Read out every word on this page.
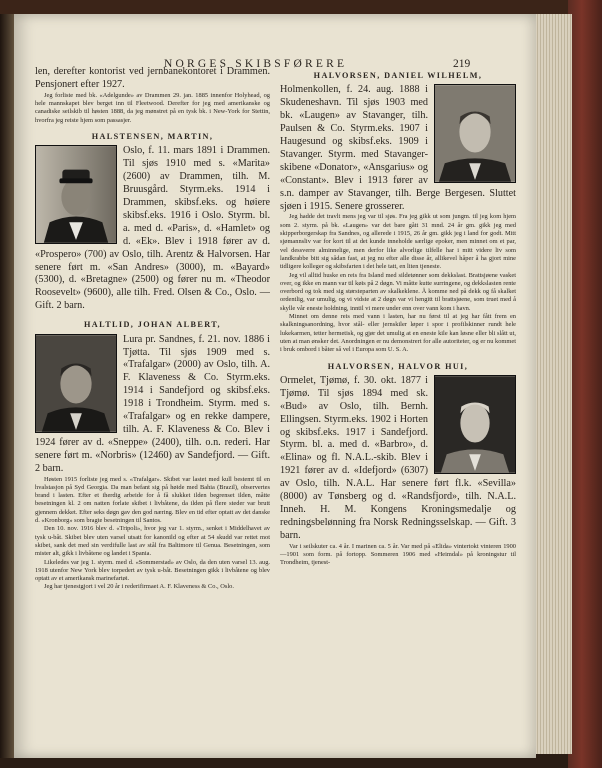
NORGES SKIBSFØRERE	219

len, derefter kontorist ved jernbanekontoret i Drammen. Pensjonert efter 1927.

Jeg forliste med bk. «Adelgunde» av Drammen 29. jan. 1885 innenfor Holyhead, og hele mannskapet blev berget inn til Fleetwood. Derefter for jeg med amerikanske og canadiske seilskib til høsten 1888, da jeg mønstret på en tysk bk. i New-York for Stettin, hvorfra jeg reiste hjem som passasjer.

HALSTENSEN, MARTIN,

Oslo, f. 11. mars 1891 i Drammen. Til sjøs 1910 med s. «Marita» (2600) av Drammen, tilh. M. Bruusgård. Styrm.eks. 1914 i Drammen, skibsf.eks. og høiere skibsf.eks. 1916 i Oslo. Styrm. bl. a. med d. «Paris», d. «Hamlet» og d. «Ek». Blev i 1918 fører av d. «Prospero» (700) av Oslo, tilh. Arentz & Halvorsen. Har senere ført m. «San Andres» (3000), m. «Bayard» (5300), d. «Bretagne» (2500) og fører nu m. «Theodor Roosevelt» (9600), alle tilh. Fred. Olsen & Co., Oslo. — Gift. 2 barn.

HALTLID, JOHAN ALBERT,

Lura pr. Sandnes, f. 21. nov. 1886 i Tjøtta. Til sjøs 1909 med s. «Trafalgar» (2000) av Oslo, tilh. A. F. Klaveness & Co. Styrm.eks. 1914 i Sandefjord og skibsf.eks. 1918 i Trondheim. Styrm. med s. «Trafalgar» og en rekke dampere, tilh. A. F. Klaveness & Co. Blev i 1924 fører av d. «Sneppe» (2400), tilh. o.n. rederi. Har senere ført m. «Norbris» (12460) av Sandefjord. — Gift. 2 barn.

Høsten 1915 forliste jeg med s. «Trafalgar». Skibet var lastet med kull bestemt til en hvalstasjon på Syd Georgia. Da man befant sig på høide med Bahia (Brazil), observertes brand i lasten. Efter et iherdig arbeide for å få slukket ilden begrenset ilden, måtte besetningen kl. 2 om natten forlate skibet i livbåtene, da ilden på flere steder var brutt gjennem dekket. Efter seks døgn gav den god næring. Blev en tid efter optatt av det danske d. «Kronborg» som bragte besetningen til Santos.

Den 10. nov. 1916 blev d. «Tripoli», hvor jeg var 1. styrm., senket i Middelhavet av tysk u-båt. Skibet blev uten varsel utsatt for kanonild og efter at 54 skudd var rettet mot skibet, sank det med sin verdifulle last av stål fra Baltimore til Genua. Besetningen, som mister alt, gikk i livbåtene og landet i Spania.

Likeledes var jeg 1. styrm. med d. «Sommerstad» av Oslo, da den uten varsel 13. aug. 1918 utenfor New York blev torpedert av tysk u-båt. Besetningen gikk i livbåtene og blev optatt av et amerikansk marinefartøi.

Jeg har tjenestgjort i vel 20 år i rederifirmaet A. F. Klaveness & Co., Oslo.

HALVORSEN, DANIEL WILHELM,

Holmenkollen, f. 24. aug. 1888 i Skudeneshavn. Til sjøs 1903 med bk. «Laugen» av Stavanger, tilh. Paulsen & Co. Styrm.eks. 1907 i Haugesund og skibsf.eks. 1909 i Stavanger. Styrm. med Stavanger-skibene «Donator», «Ansgarius» og «Constant». Blev i 1913 fører av s.n. damper av Stavanger, tilh. Berge Bergesen. Sluttet sjøen i 1915. Senere grosserer.

Jeg hadde det travlt mens jeg var til sjøs. Fra jeg gikk ut som jungm. til jeg kom hjem som 2. styrm. på bk. «Laugen» var det bare gått 31 mnd. 24 år gm. gikk jeg med skipperborgerskap fra Sandnes, og allerede i 1915, 26 år gm. gikk jeg i land for godt. Mitt sjømannsliv var for kort til at det kunde inneholde særlige epoker, men minnet om et par, vel dessverre alminnelige, men derfor like alvorlige tilfelle har i mitt videre liv som landkrabbe bitt sig sådan fast, at jeg nu efter alle disse år, allikevel håper å ha gjort mine tidligere kolleger og skibsfarten i det hele tatt, en liten tjeneste.

Jeg vil alltid huske en reis fra Island med sildetønner som dekkslast. Brattsjøene vasket over, og ikke en mann var til køis på 2 døgn. Vi måtte kutte surringene, og dekkslasten rente overbord og tok med sig størsteparten av skalkeklene. Å komme ned på dekk og få skalket ordentlig, var umulig, og vi vidste at 2 døgn var vi hengitt til brattsjøene, som truet med å skylle vår eneste holdning, inntil vi mere under enn over vann kom i havn.

Minnet om denne reis med vann i lasten, har nu først til at jeg har fått frem en skalkningsanordning, hvor stål- eller jernskiler løper i spor i profilskinner rundt hele lukekarmen, tetter hermetisk, og gjør det umulig at en eneste kile kan løsne eller bli slått ut, uten at man ønsker det. Anordningen er nu demonstrert for alle autoriteter, og er nu kommet i bruk ombord i båter så vel i Europa som U. S. A.

HALVORSEN, HALVOR HUI,

Ormelet, Tjømø, f. 30. okt. 1877 i Tjømø. Til sjøs 1894 med sk. «Bud» av Oslo, tilh. Bernh. Ellingsen. Styrm.eks. 1902 i Horten og skibsf.eks. 1917 i Sandefjord. Styrm. bl. a. med d. «Barbro», d. «Elina» og fl. N.A.L.-skib. Blev i 1921 fører av d. «Idefjord» (6307) av Oslo, tilh. N.A.L. Har senere ført fl.k. «Sevilla» (8000) av Tønsberg og d. «Randsfjord», tilh. N.A.L. Inneh. H. M. Kongens Kroningsmedalje og redningsbelønning fra Norsk Redningsselskap. — Gift. 3 barn.

Var i seilskuter ca. 4 år. I marinen ca. 5 år. Var med på «Elida» vintertokt vinteren 1900—1901 som form. på fortopp. Sommeren 1906 med «Heimdal» på kroningstur til Trondheim, tjenest-
